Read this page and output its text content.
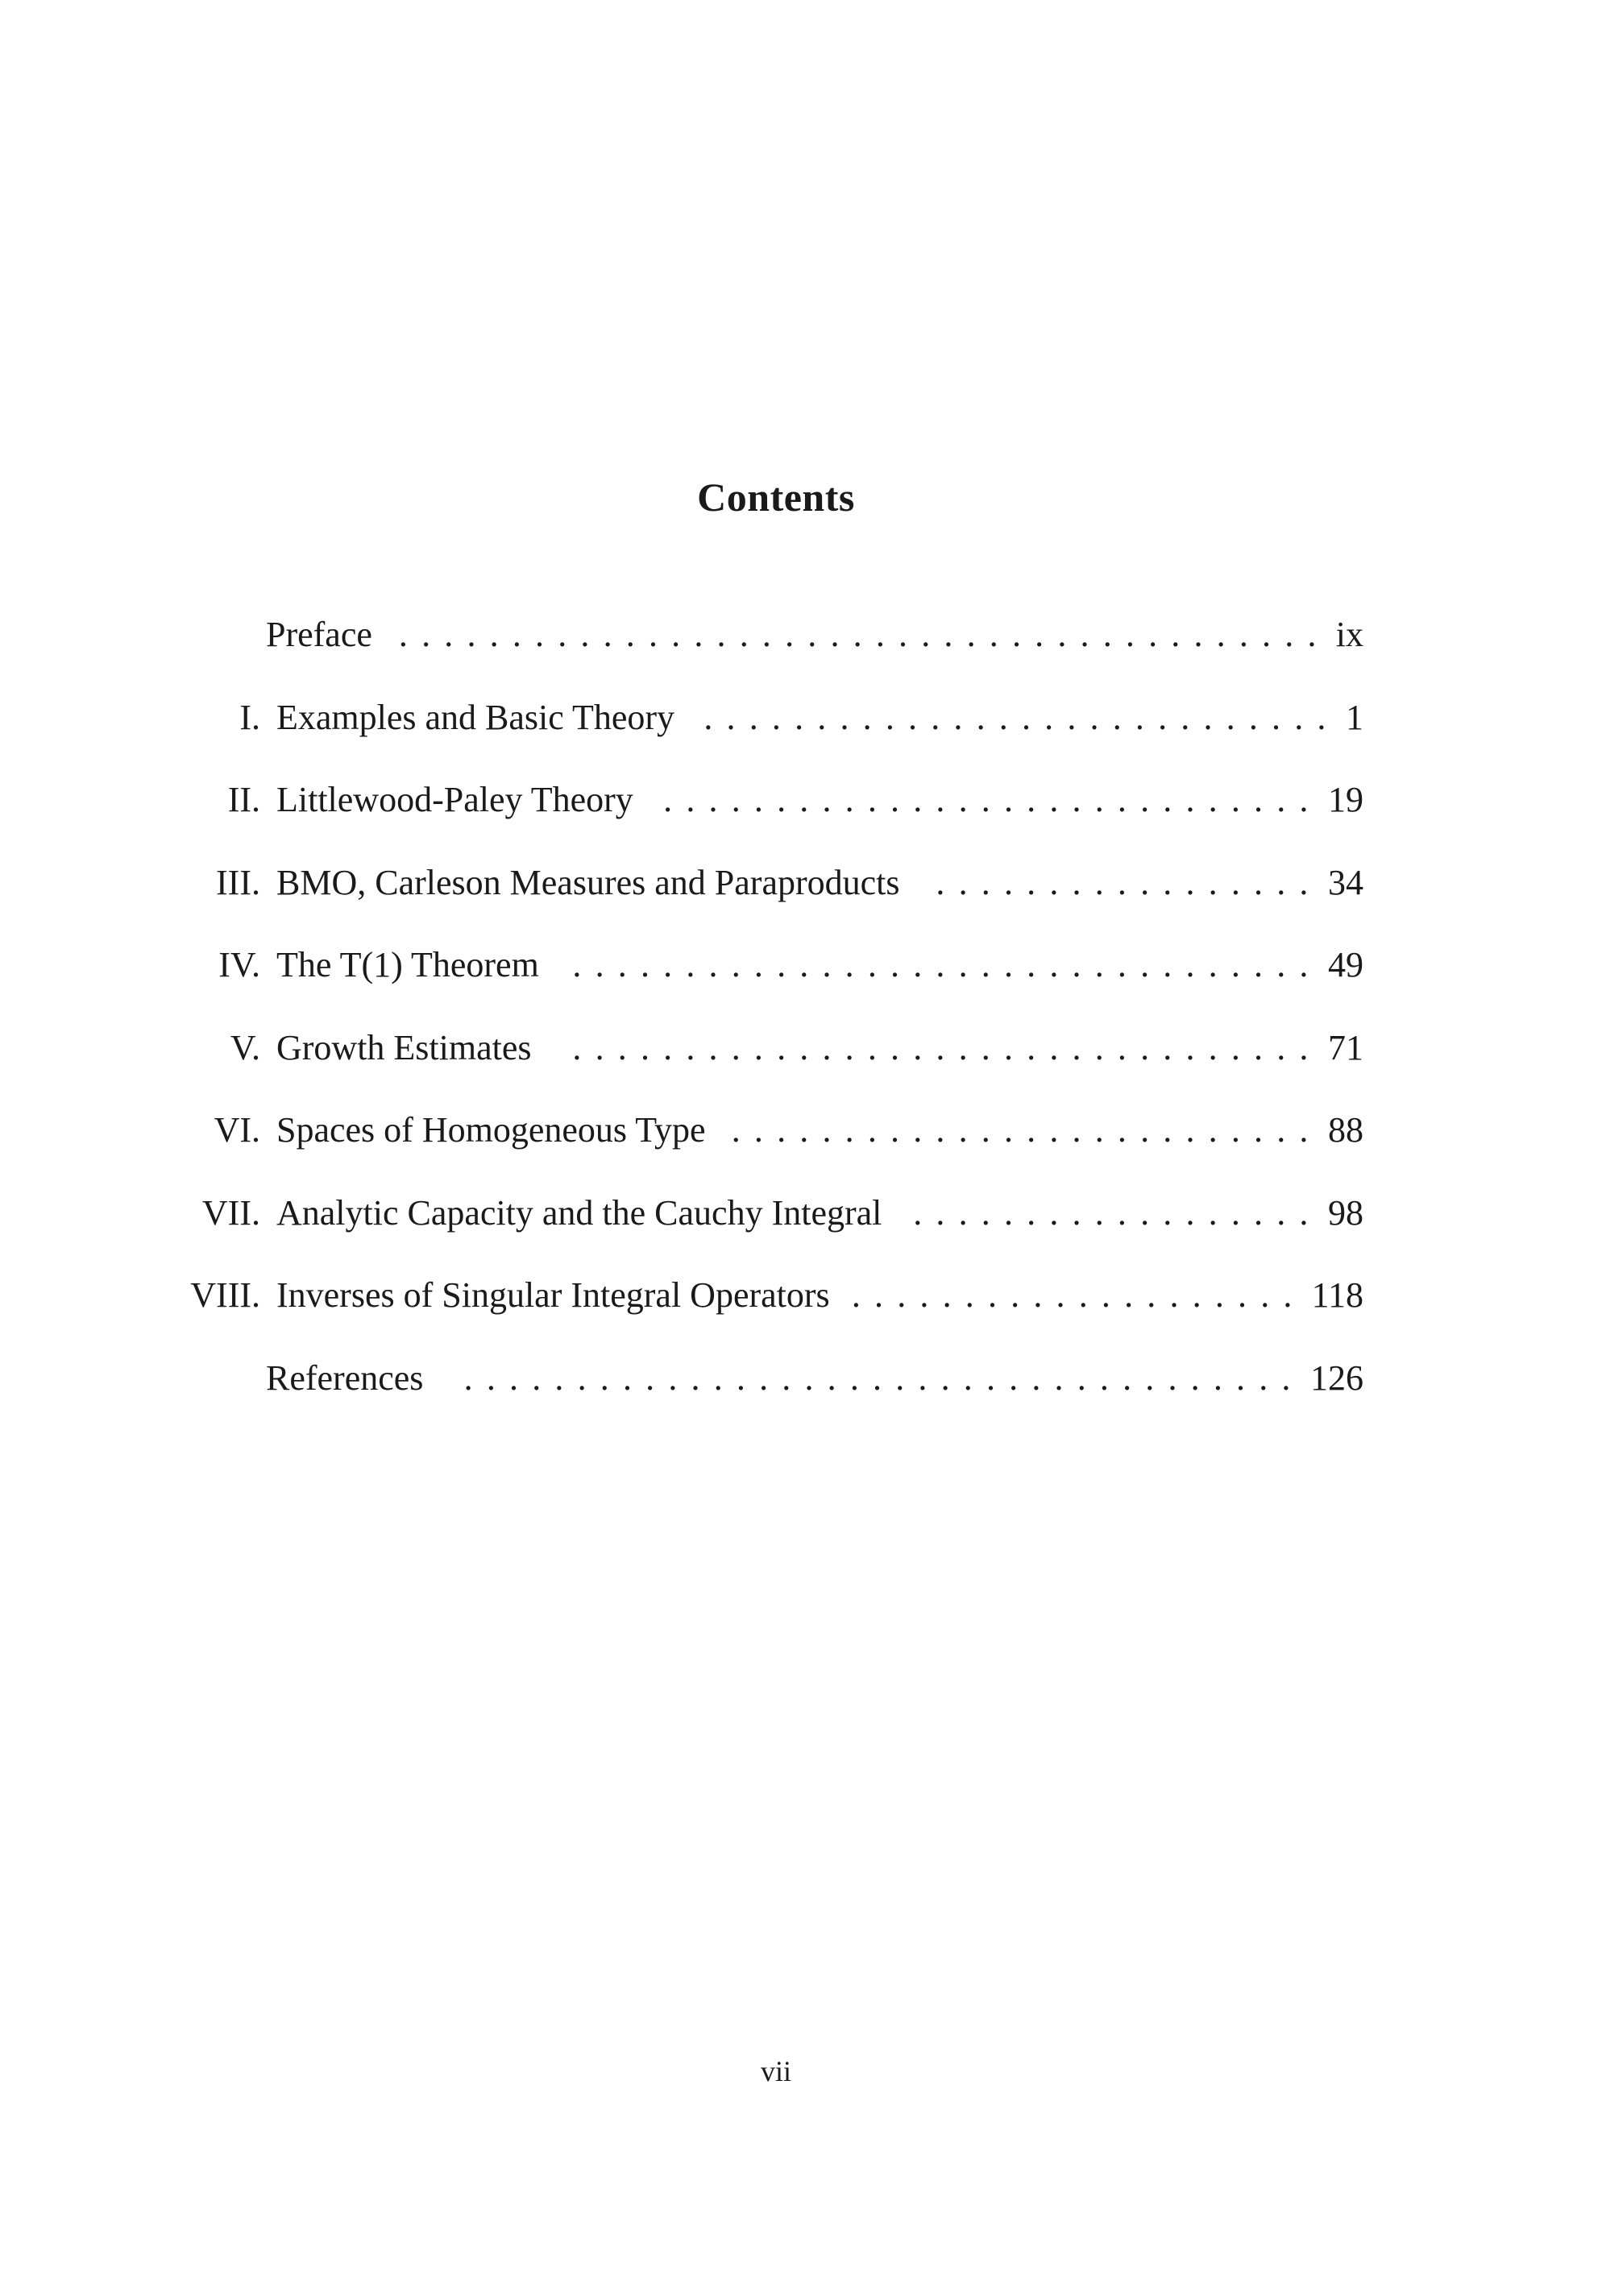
Contents
Preface . . . . . . . . . . . . . . . . . . . . . . . . . . . . . . . . . . . . . . . . . ix
I. Examples and Basic Theory . . . . . . . . . . . . . . . . . . . . . . . . . . . . 1
II. Littlewood-Paley Theory . . . . . . . . . . . . . . . . . . . . . . . . . . . . . 19
III. BMO, Carleson Measures and Paraproducts	. . . . . . . . . . . . . . . . . 34
IV. The T(1) Theorem . . . . . . . . . . . . . . . . . . . . . . . . . . . . . . . . . 49
V. Growth Estimates	. . . . . . . . . . . . . . . . . . . . . . . . . . . . . . . . . 71
VI. Spaces of Homogeneous Type . . . . . . . . . . . . . . . . . . . . . . . . . . 88
VII. Analytic Capacity and the Cauchy Integral . . . . . . . . . . . . . . . . . . 98
VIII. Inverses of Singular Integral Operators . . . . . . . . . . . . . . . . . . . . 118
References	. . . . . . . . . . . . . . . . . . . . . . . . . . . . . . . . . . . . . 126
vii
